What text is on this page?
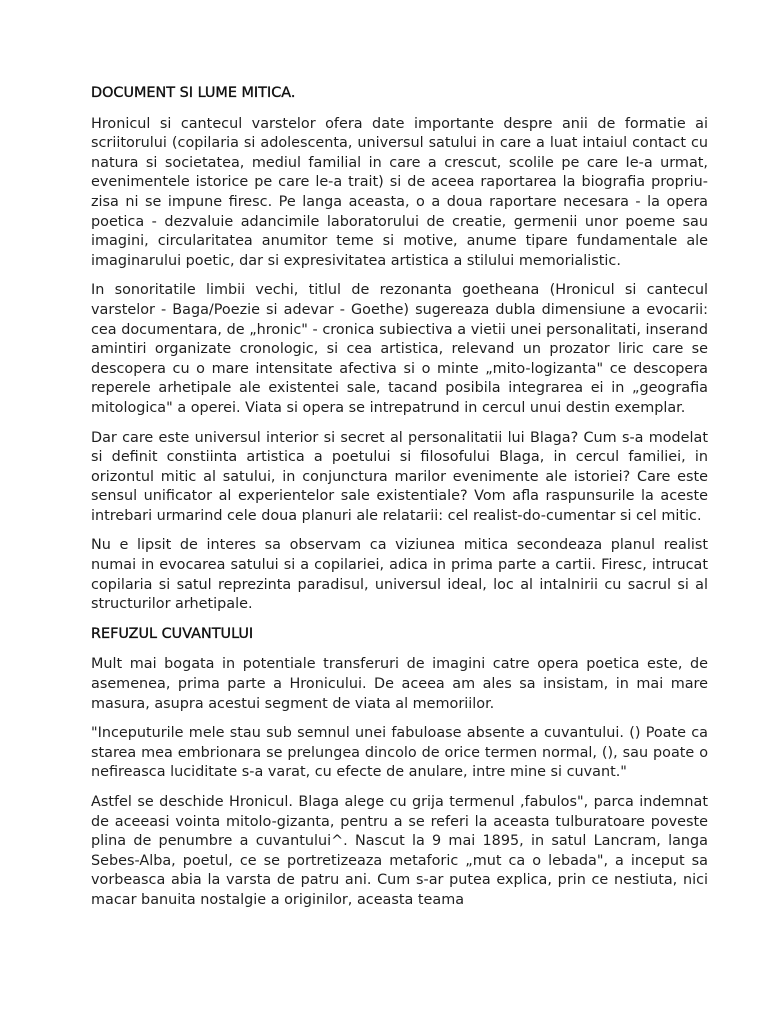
DOCUMENT SI LUME MITICA.

Hronicul si cantecul varstelor ofera date importante despre anii de formatie ai scriitorului (copilaria si adolescenta, universul satului in care a luat intaiul contact cu natura si societatea, mediul familial in care a crescut, scolile pe care Ie-a urmat, evenimentele istorice pe care le-a trait) si de aceea raportarea la biografia propriu-zisa ni se impune firesc. Pe langa aceasta, o a doua raportare necesara - la opera poetica - dezvaluie adancimile laboratorului de creatie, germenii unor poeme sau imagini, circularitatea anumitor teme si motive, anume tipare fundamentale ale imaginarului poetic, dar si expresivitatea artistica a stilului memorialistic.

In sonoritatile limbii vechi, titlul de rezonanta goetheana (Hronicul si cantecul varstelor - Baga/Poezie si adevar - Goethe) sugereaza dubla dimensiune a evocarii: cea documentara, de „hronic" - cronica subiectiva a vietii unei personalitati, inserand amintiri organizate cronologic, si cea artistica, relevand un prozator liric care se descopera cu o mare intensitate afectiva si o minte „mito-logizanta" ce descopera reperele arhetipale ale existentei sale, tacand posibila integrarea ei in „geografia mitologica" a operei. Viata si opera se intrepatrund in cercul unui destin exemplar.

Dar care este universul interior si secret al personalitatii lui Blaga? Cum s-a modelat si definit constiinta artistica a poetului si filosofului Blaga, in cercul familiei, in orizontul mitic al satului, in conjunctura marilor evenimente ale istoriei? Care este sensul unificator al experientelor sale existentiale? Vom afla raspunsurile la aceste intrebari urmarind cele doua planuri ale relatarii: cel realist-do-cumentar si cel mitic.

Nu e lipsit de interes sa observam ca viziunea mitica secondeaza planul realist numai in evocarea satului si a copilariei, adica in prima parte a cartii. Firesc, intrucat copilaria si satul reprezinta paradisul, universul ideal, loc al intalnirii cu sacrul si al structurilor arhetipale.

REFUZUL CUVANTULUI

Mult mai bogata in potentiale transferuri de imagini catre opera poetica este, de asemenea, prima parte a Hronicului. De aceea am ales sa insistam, in mai mare masura, asupra acestui segment de viata al memoriilor.

"Inceputurile mele stau sub semnul unei fabuloase absente a cuvantului. () Poate ca starea mea embrionara se prelungea dincolo de orice termen normal, (), sau poate o nefireasca luciditate s-a varat, cu efecte de anulare, intre mine si cuvant."

Astfel se deschide Hronicul. Blaga alege cu grija termenul ,fabulos", parca indemnat de aceeasi vointa mitolo-gizanta, pentru a se referi la aceasta tulburatoare poveste plina de penumbre a cuvantului^. Nascut la 9 mai 1895, in satul Lancram, langa Sebes-Alba, poetul, ce se portretizeaza metaforic „mut ca o lebada", a inceput sa vorbeasca abia la varsta de patru ani. Cum s-ar putea explica, prin ce nestiuta, nici macar banuita nostalgie a originilor, aceasta teama
